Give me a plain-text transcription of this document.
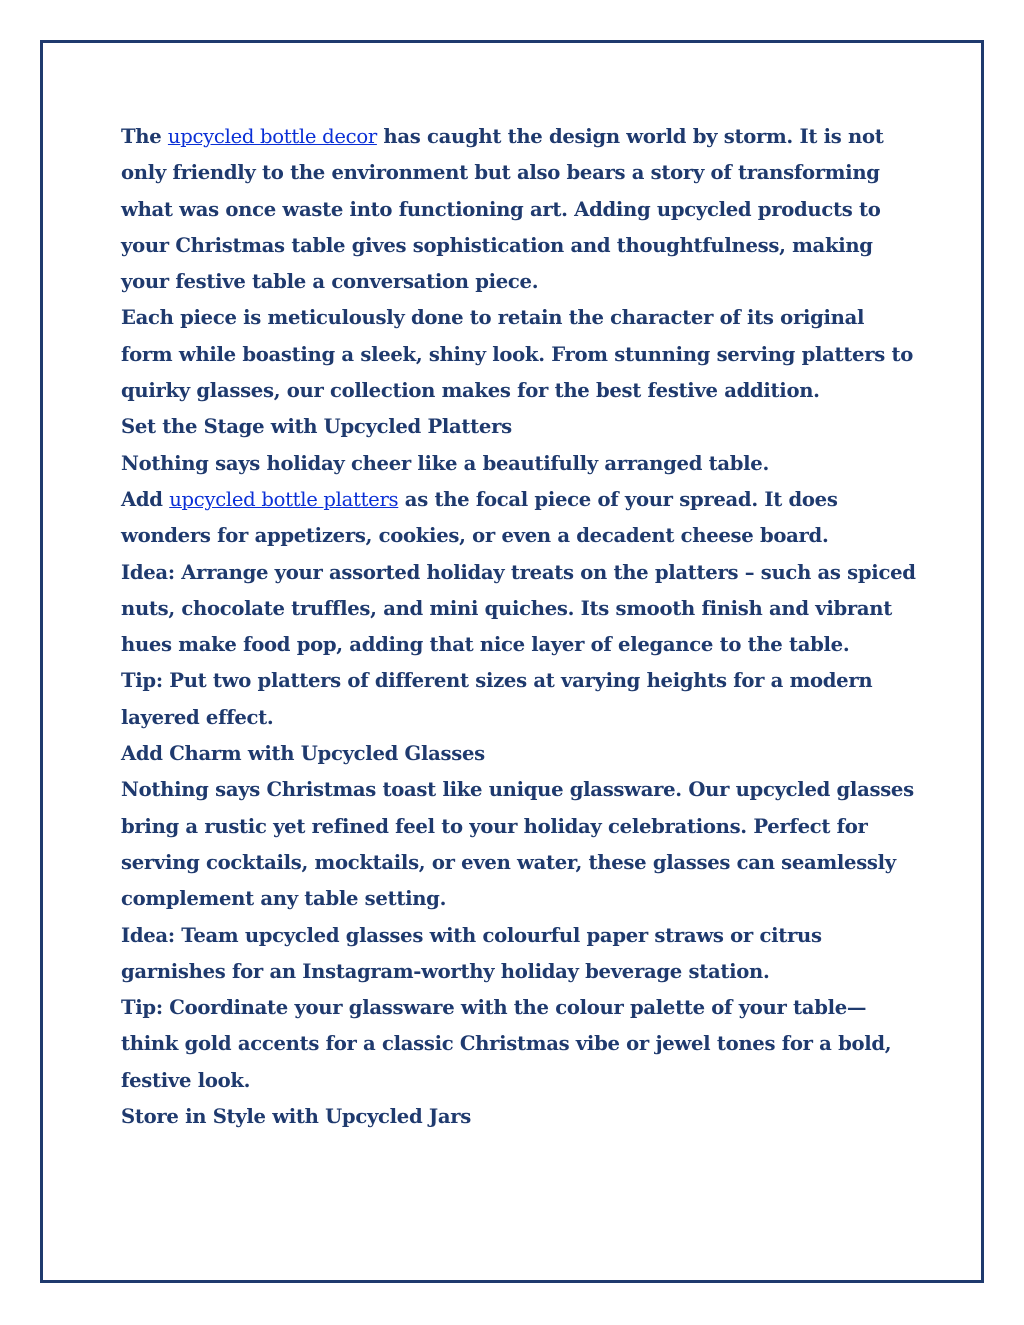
The upcycled bottle decor has caught the design world by storm. It is not only friendly to the environment but also bears a story of transforming what was once waste into functioning art. Adding upcycled products to your Christmas table gives sophistication and thoughtfulness, making your festive table a conversation piece.

Each piece is meticulously done to retain the character of its original form while boasting a sleek, shiny look. From stunning serving platters to quirky glasses, our collection makes for the best festive addition.

Set the Stage with Upcycled Platters

Nothing says holiday cheer like a beautifully arranged table.

Add upcycled bottle platters as the focal piece of your spread. It does wonders for appetizers, cookies, or even a decadent cheese board.

Idea: Arrange your assorted holiday treats on the platters – such as spiced nuts, chocolate truffles, and mini quiches. Its smooth finish and vibrant hues make food pop, adding that nice layer of elegance to the table.

Tip: Put two platters of different sizes at varying heights for a modern layered effect.

Add Charm with Upcycled Glasses

Nothing says Christmas toast like unique glassware. Our upcycled glasses bring a rustic yet refined feel to your holiday celebrations. Perfect for serving cocktails, mocktails, or even water, these glasses can seamlessly complement any table setting.

Idea: Team upcycled glasses with colourful paper straws or citrus garnishes for an Instagram-worthy holiday beverage station.

Tip: Coordinate your glassware with the colour palette of your table—think gold accents for a classic Christmas vibe or jewel tones for a bold, festive look.

Store in Style with Upcycled Jars
